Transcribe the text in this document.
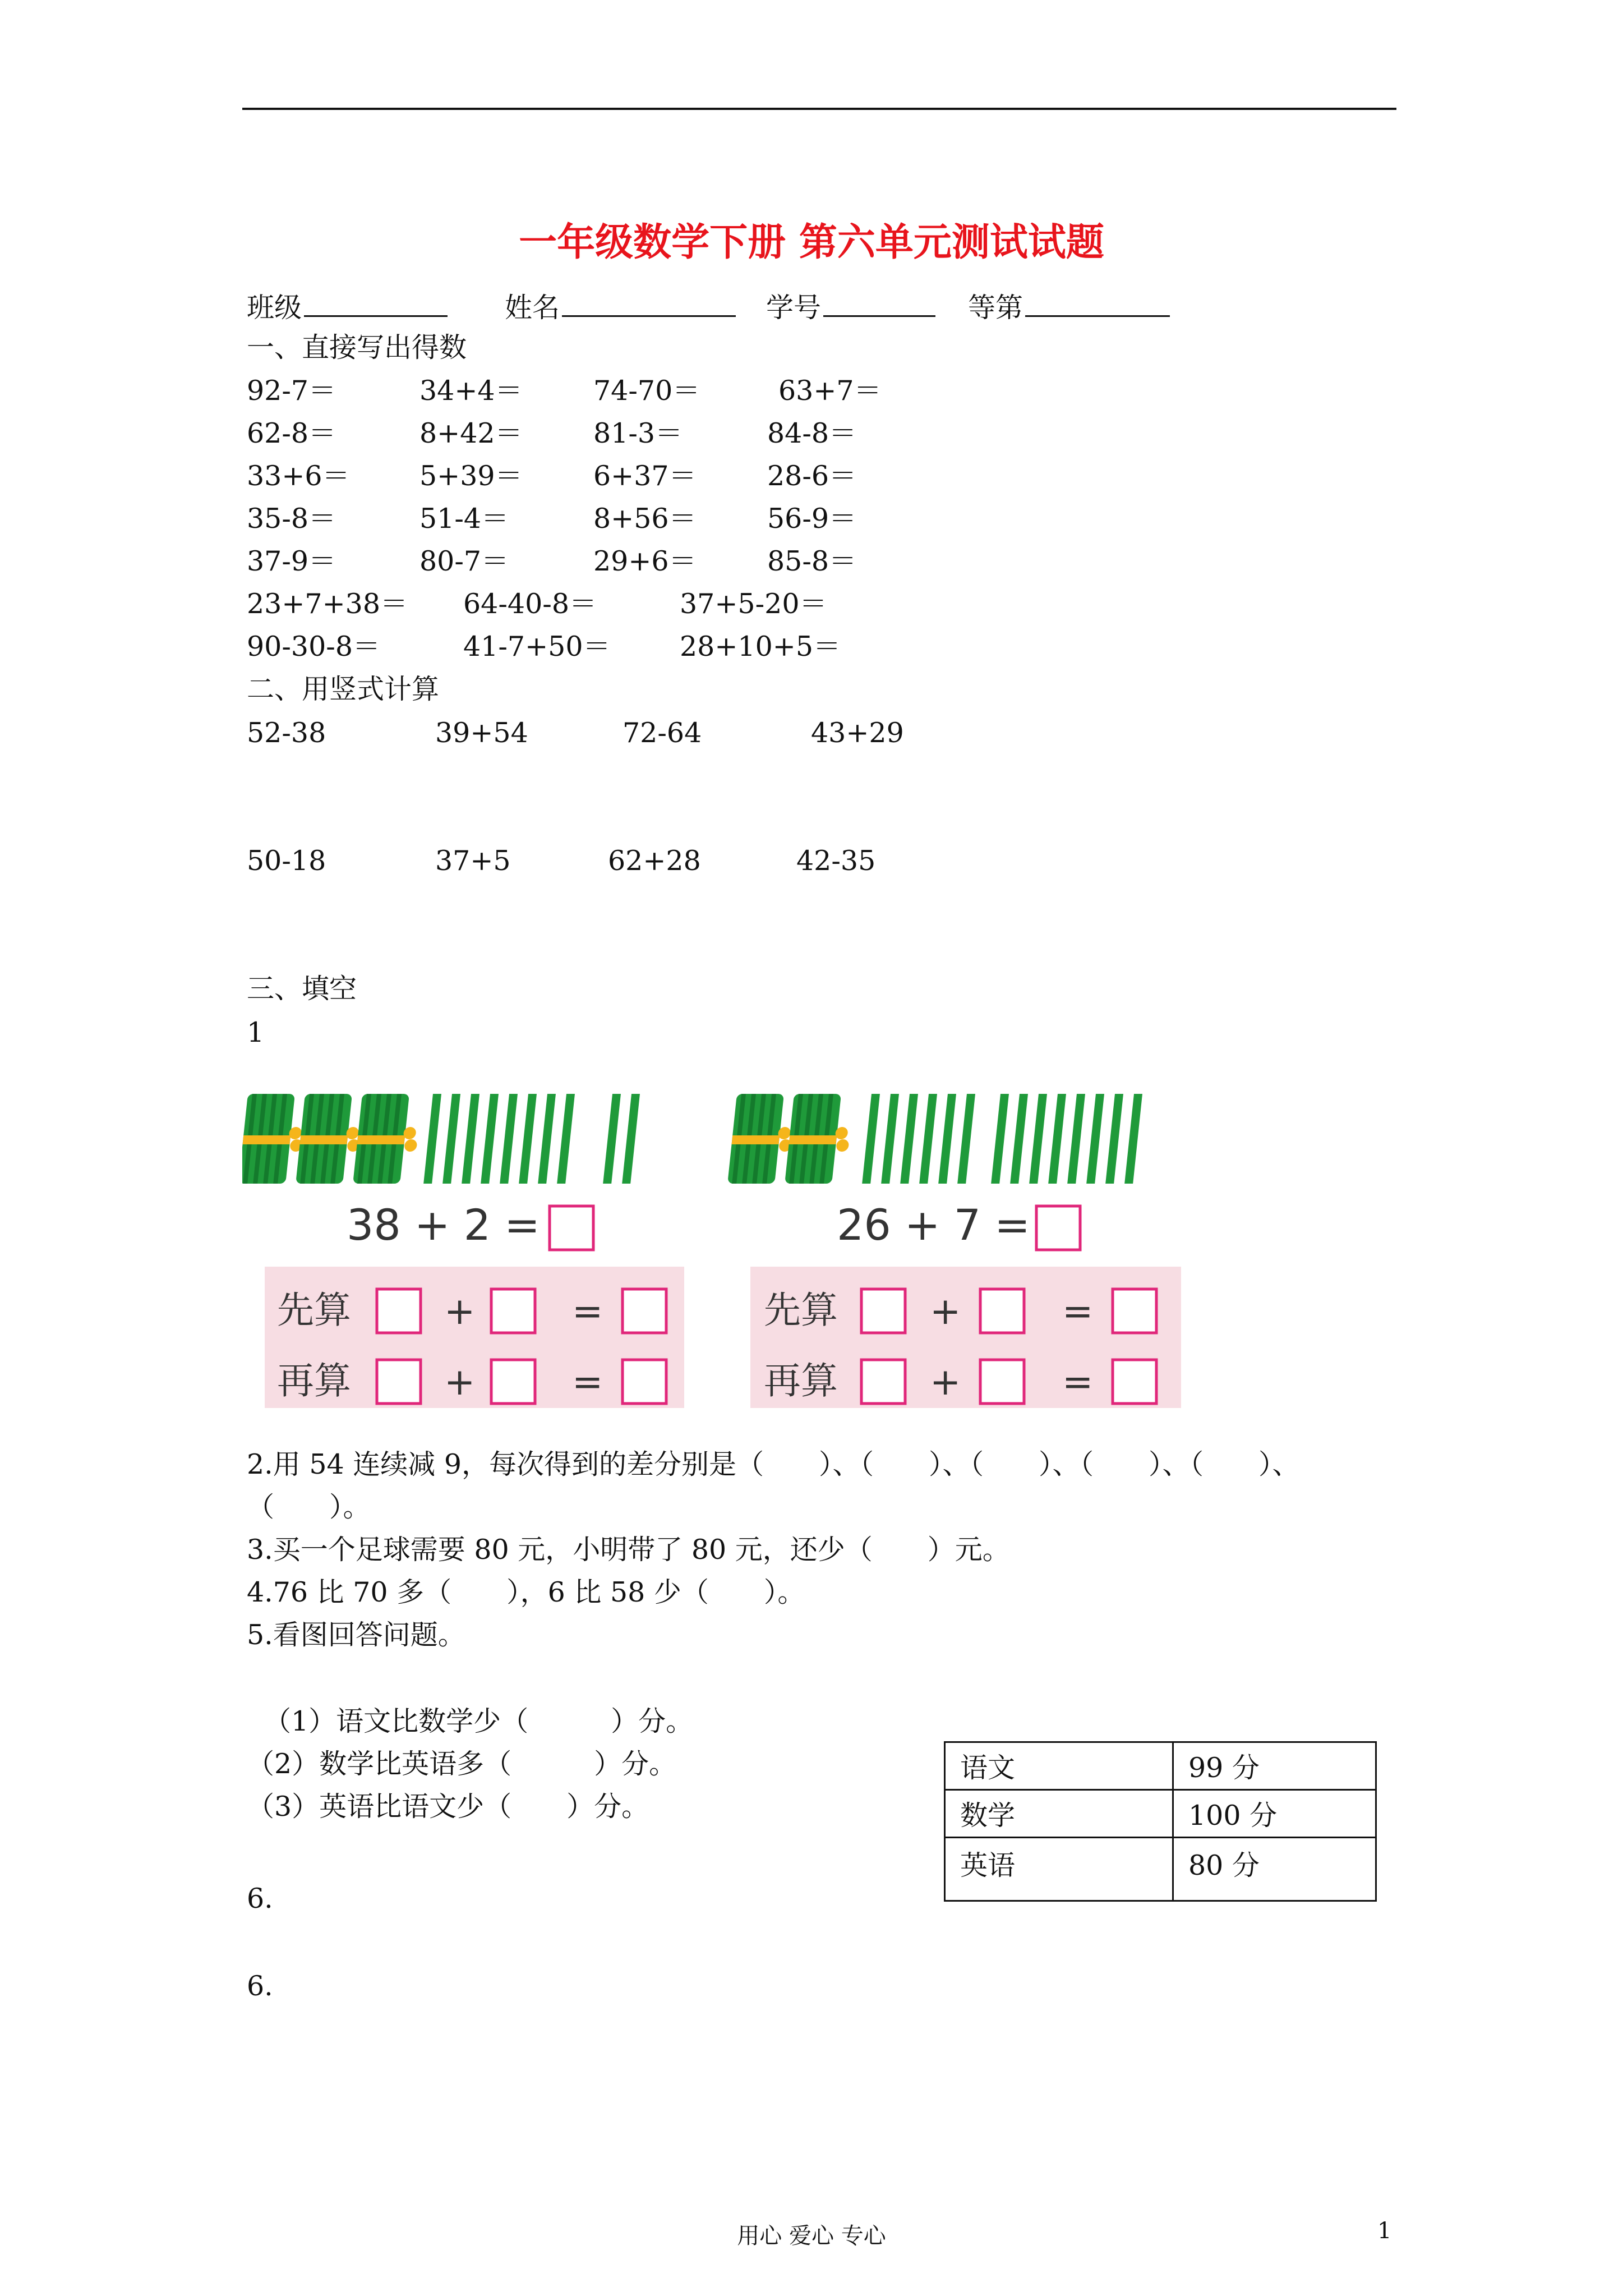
一年级数学下册 第六单元测试试题
班级	姓名	学号	等第
一、直接写出得数
92-7＝	34+4＝	74-70＝	63+7＝
62-8＝	8+42＝	81-3＝	84-8＝
33+6＝	5+39＝	6+37＝	28-6＝
35-8＝	51-4＝	8+56＝	56-9＝
37-9＝	80-7＝	29+6＝	85-8＝
23+7+38＝ 64-40-8＝	37+5-20＝
90-30-8＝	41-7+50＝	28+10+5＝
二、用竖式计算
52-38	39+54	72-64	43+29
50-18	37+5	62+28	42-35
三、填空
1
38 + 2 =	26 + 7 =
先算	+	=
再算	+	=
先算 +	=
再算 +	=
2.用 54 连续减 9，每次得到的差分别是（　　）、（　　）、（　　）、（　　）、（　　）、
（　　）。
3.买一个足球需要 80 元，小明带了 80 元，还少（　　）元。
4.76 比 70 多（　　），6 比 58 少（　　）。
5.看图回答问题。
（1）语文比数学少（　　　）分。
（2）数学比英语多（　　　）分。
（3）英语比语文少（　　）分。
语文	99 分
数学	100 分
英语	80 分
6.
6.
用心 爱心 专心	1
